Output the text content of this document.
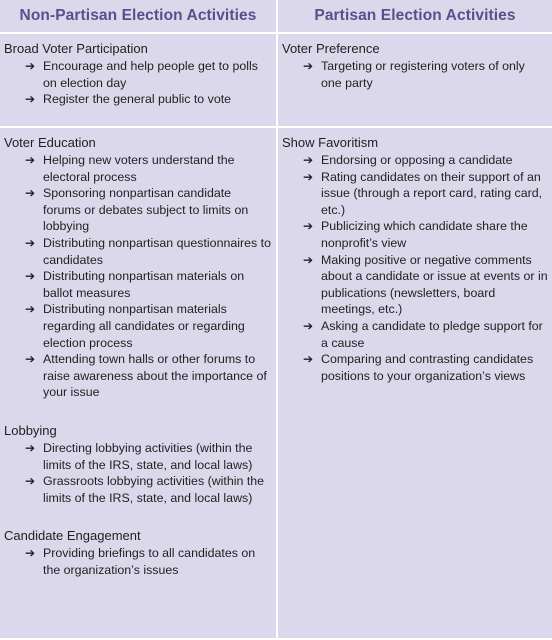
Non-Partisan Election Activities	Partisan Election Activities
Broad Voter Participation
➔ Encourage and help people get to polls on election day
➔ Register the general public to vote
Voter Preference
➔ Targeting or registering voters of only one party
Voter Education
➔ Helping new voters understand the electoral process
➔ Sponsoring nonpartisan candidate forums or debates subject to limits on lobbying
➔ Distributing nonpartisan questionnaires to candidates
➔ Distributing nonpartisan materials on ballot measures
➔ Distributing nonpartisan materials regarding all candidates or regarding election process
➔ Attending town halls or other forums to raise awareness about the importance of your issue
Lobbying
➔ Directing lobbying activities (within the limits of the IRS, state, and local laws)
➔ Grassroots lobbying activities (within the limits of the IRS, state, and local laws)
Candidate Engagement
➔ Providing briefings to all candidates on the organization’s issues
Show Favoritism
➔ Endorsing or opposing a candidate
➔ Rating candidates on their support of an issue (through a report card, rating card, etc.)
➔ Publicizing which candidate share the nonprofit’s view
➔ Making positive or negative comments about a candidate or issue at events or in publications (newsletters, board meetings, etc.)
➔ Asking a candidate to pledge support for a cause
➔ Comparing and contrasting candidates positions to your organization’s views
